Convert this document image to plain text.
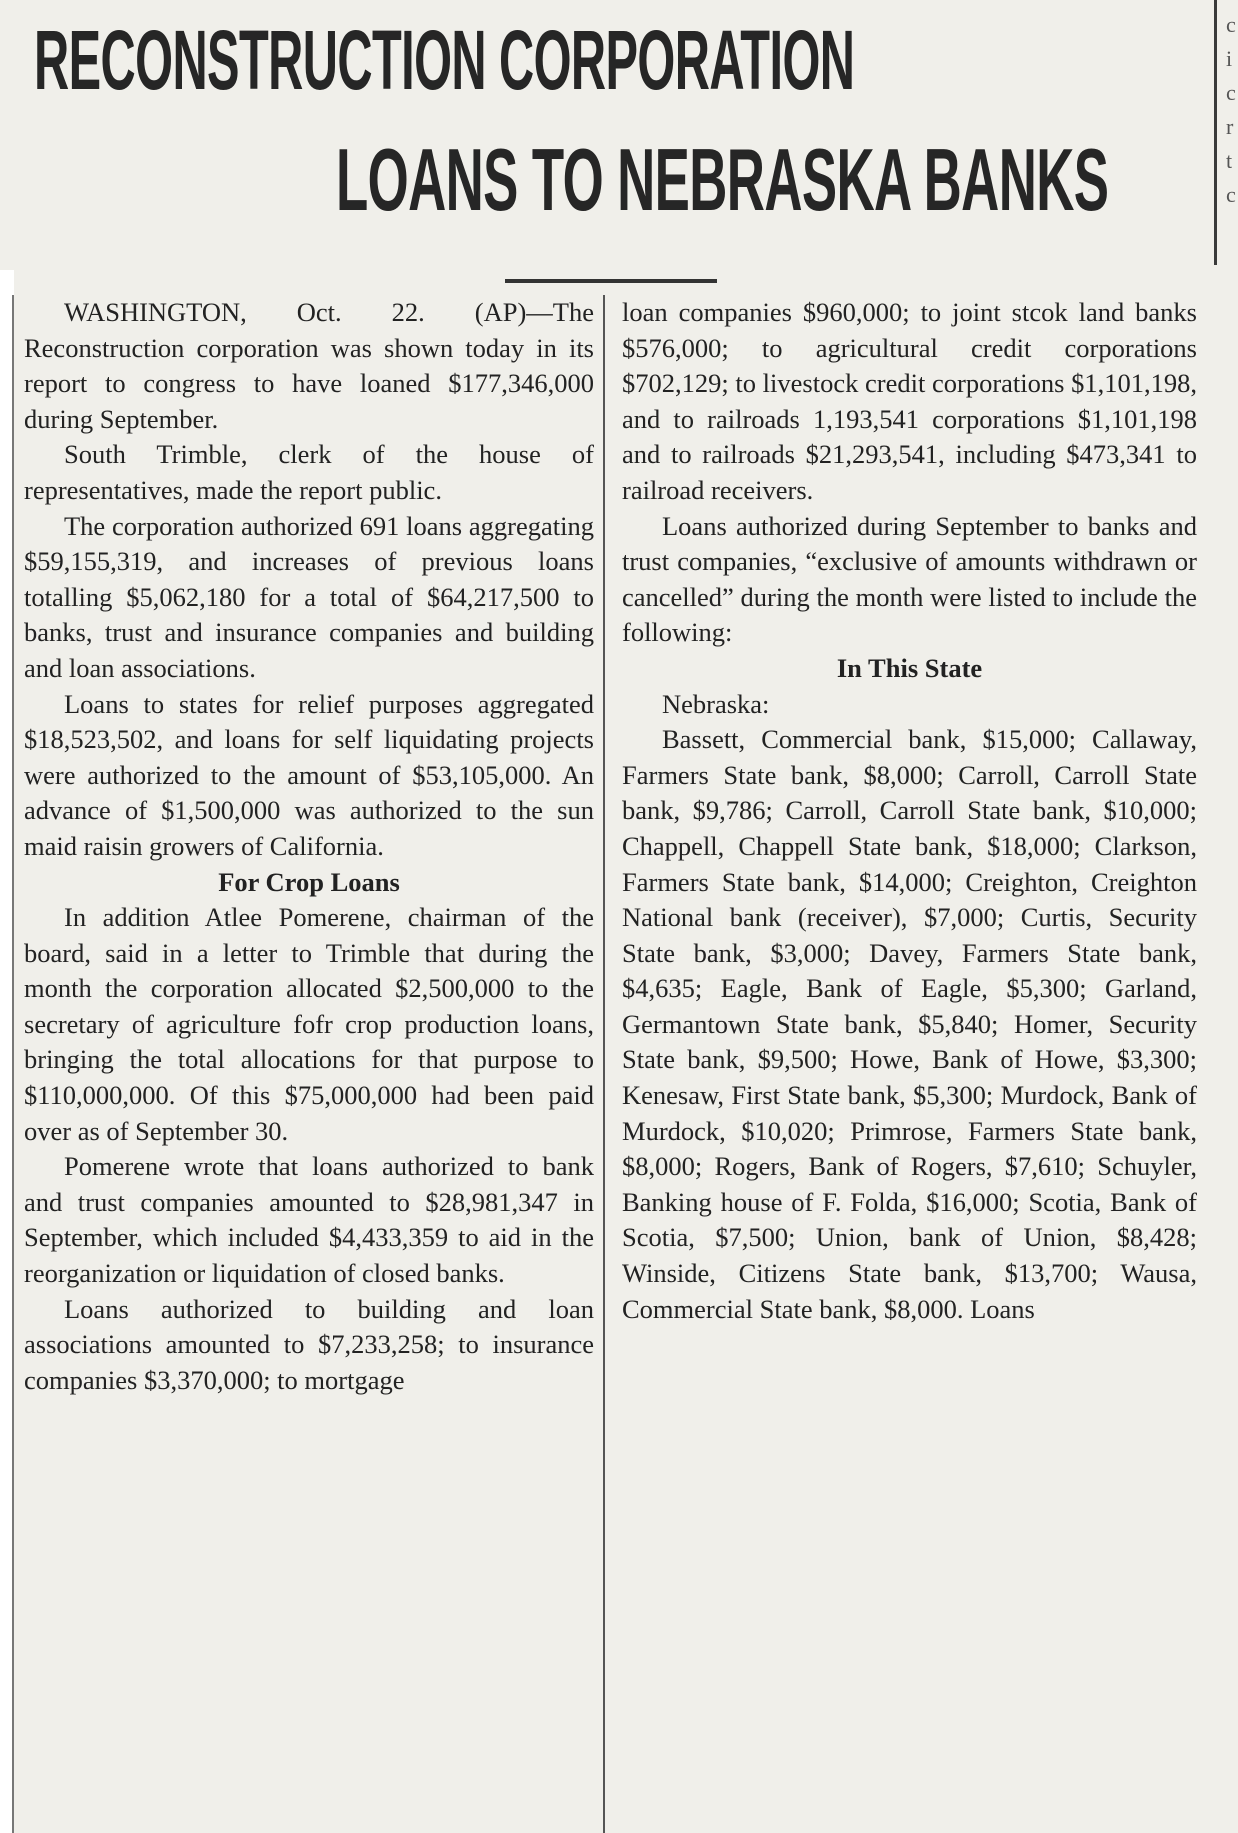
RECONSTRUCTION CORPORATION
LOANS TO NEBRASKA BANKS
c i c r t c

WASHINGTON, Oct. 22. (AP)—The Reconstruction corporation was shown today in its report to congress to have loaned $177,346,000 during September.

South Trimble, clerk of the house of representatives, made the report public.

The corporation authorized 691 loans aggregating $59,155,319, and increases of previous loans totalling $5,062,180 for a total of $64,217,500 to banks, trust and insurance companies and building and loan associations.

Loans to states for relief purposes aggregated $18,523,502, and loans for self liquidating projects were authorized to the amount of $53,105,000. An advance of $1,500,000 was authorized to the sun maid raisin growers of California.

For Crop Loans

In addition Atlee Pomerene, chairman of the board, said in a letter to Trimble that during the month the corporation allocated $2,500,000 to the secretary of agriculture fofr crop production loans, bringing the total allocations for that purpose to $110,000,000. Of this $75,000,000 had been paid over as of September 30.

Pomerene wrote that loans authorized to bank and trust companies amounted to $28,981,347 in September, which included $4,433,359 to aid in the reorganization or liquidation of closed banks.

Loans authorized to building and loan associations amounted to $7,233,258; to insurance companies $3,370,000; to mortgage

loan companies $960,000; to joint stcok land banks $576,000; to agricultural credit corporations $702,129; to livestock credit corporations $1,101,198, and to railroads 1,193,541 corporations $1,101,198 and to railroads $21,293,541, including $473,341 to railroad receivers.

Loans authorized during September to banks and trust companies, “exclusive of amounts withdrawn or cancelled” during the month were listed to include the following:

In This State

Nebraska:

Bassett, Commercial bank, $15,000; Callaway, Farmers State bank, $8,000; Carroll, Carroll State bank, $9,786; Carroll, Carroll State bank, $10,000; Chappell, Chappell State bank, $18,000; Clarkson, Farmers State bank, $14,000; Creighton, Creighton National bank (receiver), $7,000; Curtis, Security State bank, $3,000; Davey, Farmers State bank, $4,635; Eagle, Bank of Eagle, $5,300; Garland, Germantown State bank, $5,840; Homer, Security State bank, $9,500; Howe, Bank of Howe, $3,300; Kenesaw, First State bank, $5,300; Murdock, Bank of Murdock, $10,020; Primrose, Farmers State bank, $8,000; Rogers, Bank of Rogers, $7,610; Schuyler, Banking house of F. Folda, $16,000; Scotia, Bank of Scotia, $7,500; Union, bank of Union, $8,428; Winside, Citizens State bank, $13,700; Wausa, Commercial State bank, $8,000. Loans
